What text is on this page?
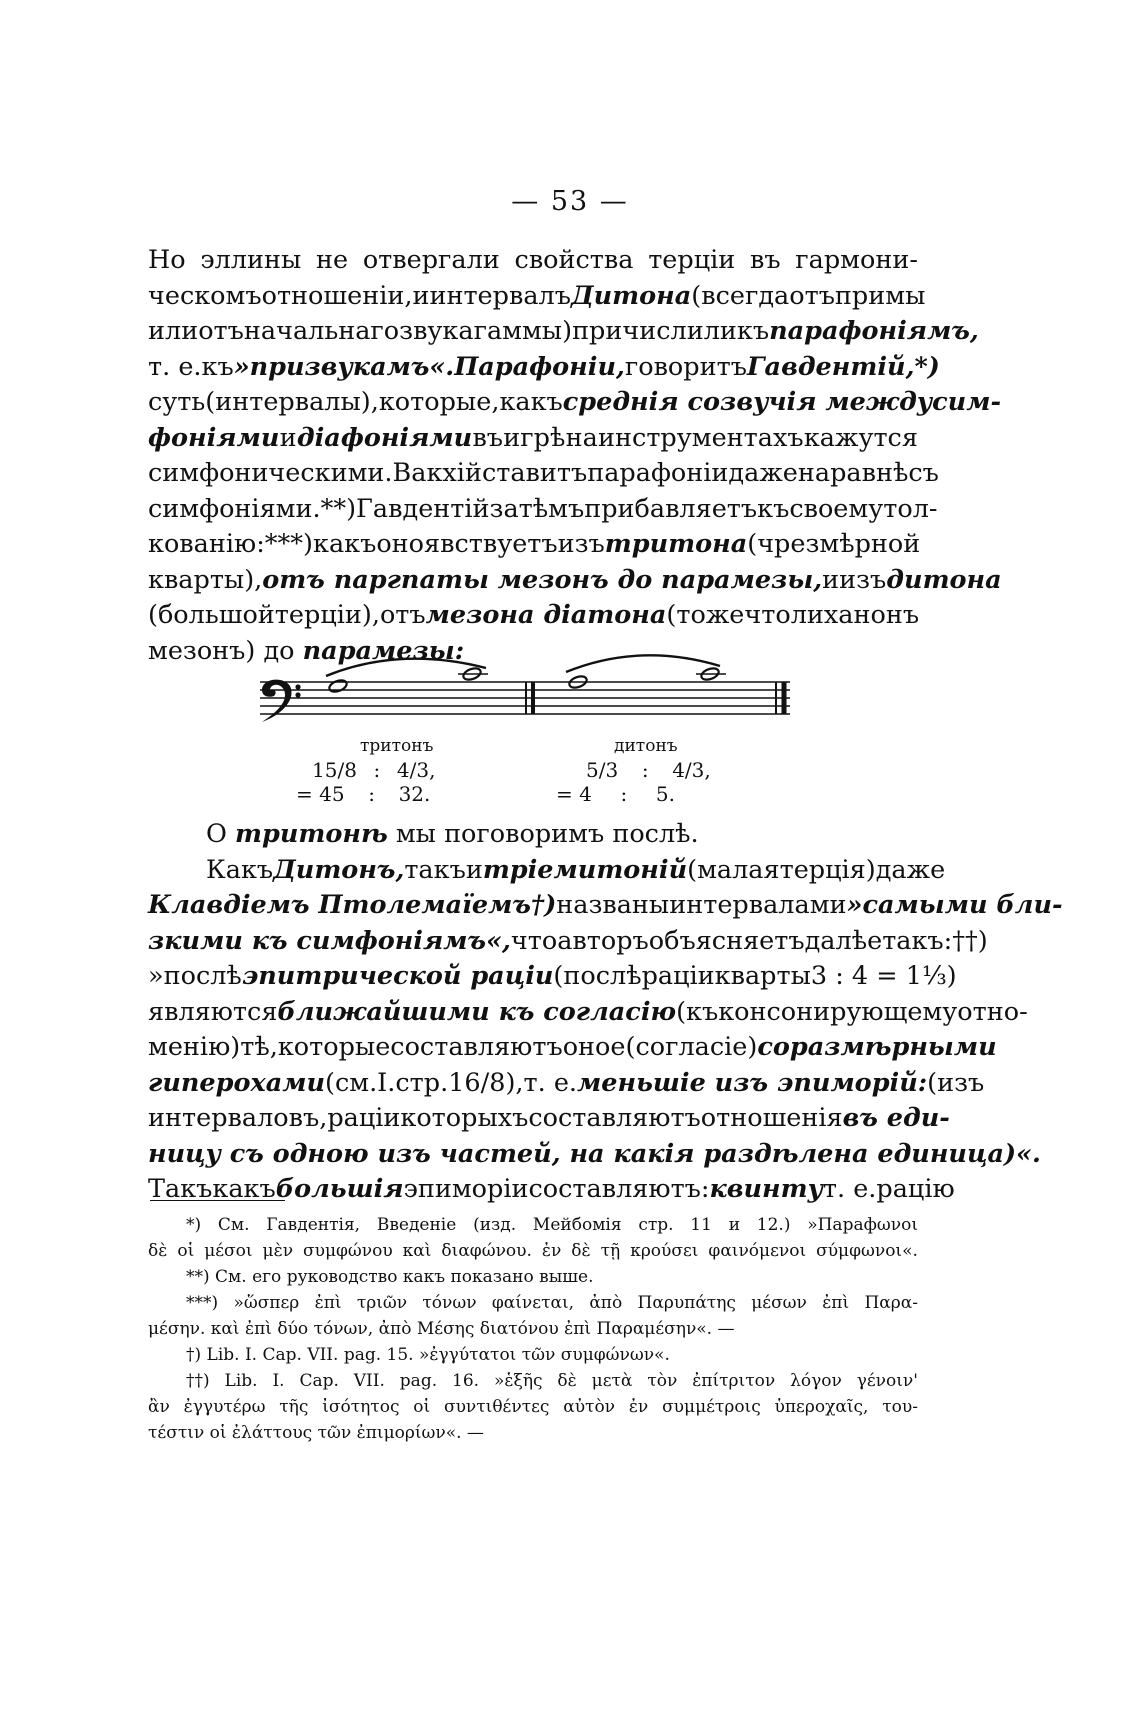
— 53 —
Но эллины не отвергали свойства терціи въ гармони-
ческомъ отношеніи, и интервалъ Дитона (всегда отъ примы
или отъ начальнаго звука гаммы) причислили къ парафоніямъ,
т. е. къ »призвукамъ«. Парафоніи, говоритъ Гавдентій,*)
суть (интервалы), которые, какъ среднія созвучія между сим-
фоніями и діафоніями въ игрѣ на инструментахъ кажутся
симфоническими. Вакхій ставитъ парафоніи даже наравнѣ съ
симфоніями.**) Гавдентій затѣмъ прибавляетъ къ своему тол-
кованію:***) какъ оно явствуетъ изъ тритона (чрезмѣрной
кварты), отъ паргпаты мезонъ до парамезы, и изъ дитона
(большой терціи), отъ мезона діатона (тоже что лиханонъ
мезонъ)
до
парамезы:
тритонъ	дитонъ
15/8 : 4/3,
= 45 : 32.
5/3 : 4/3,
= 4 : 5.
О
тритонѣ
мы поговоримъ послѣ.
Какъ Дитонъ, такъ и тріемитоній (малая терція) даже
Клавдіемъ Птолемаїемъ†) названы интервалами »самыми бли-
зкими къ симфоніямъ«, что авторъ объясняетъ далѣе такъ:††)
»послѣ эпитрической раціи (послѣ раціи кварты 3 : 4 = 1⅓)
являются ближайшими къ согласію (къ консонирующему отно-
менію) тѣ, которые составляютъ оное (согласіе) соразмѣрными
гиперохами (см. I. стр. 16/8), т. е. меньшіе изъ эпиморій: (изъ
интерваловъ, раціи которыхъ составляютъ отношенія въ еди-
ницу съ одною изъ частей, на какія раздѣлена единица)«.
Такъ какъ большія эпиморіи составляютъ: квинту т. е. рацію
*) См. Гавдентія, Введеніе (изд. Мейбомія стр. 11 и 12.) »Парафωνοι
δὲ οἱ μέσοι μὲν συμφώνου καὶ διαφώνου. ἐν δὲ τῇ κρούσει φαινόμενοι σύμφωνοι«.
**)
См. его руководство какъ показано выше.
***) »ὥσπερ ἐπὶ τριῶν τόνων φαίνεται, ἀπὸ Παρυπάτης μέσων ἐπὶ Παρα-
μέσην.
καὶ
ἐπὶ
δύο
τόνων,
ἀπὸ
Μέσης
διατόνου
ἐπὶ
Παραμέσην«. —
†)
Lib. I. Cap. VII. pag. 15. »ἐγγύτατοι τῶν συμφώνων«.
††) Lib. I. Cap. VII. pag. 16. »ἑξῆς δὲ μετὰ τὸν ἐπίτριτον λόγον γένοιν'
ἂν ἐγγυτέρω τῆς ἰσότητος οἱ συντιθέντες αὐτὸν ἐν συμμέτροις ὑπεροχαῖς, του-
τέστιν οἱ ἐλάττους τῶν ἐπιμορίων«. —
